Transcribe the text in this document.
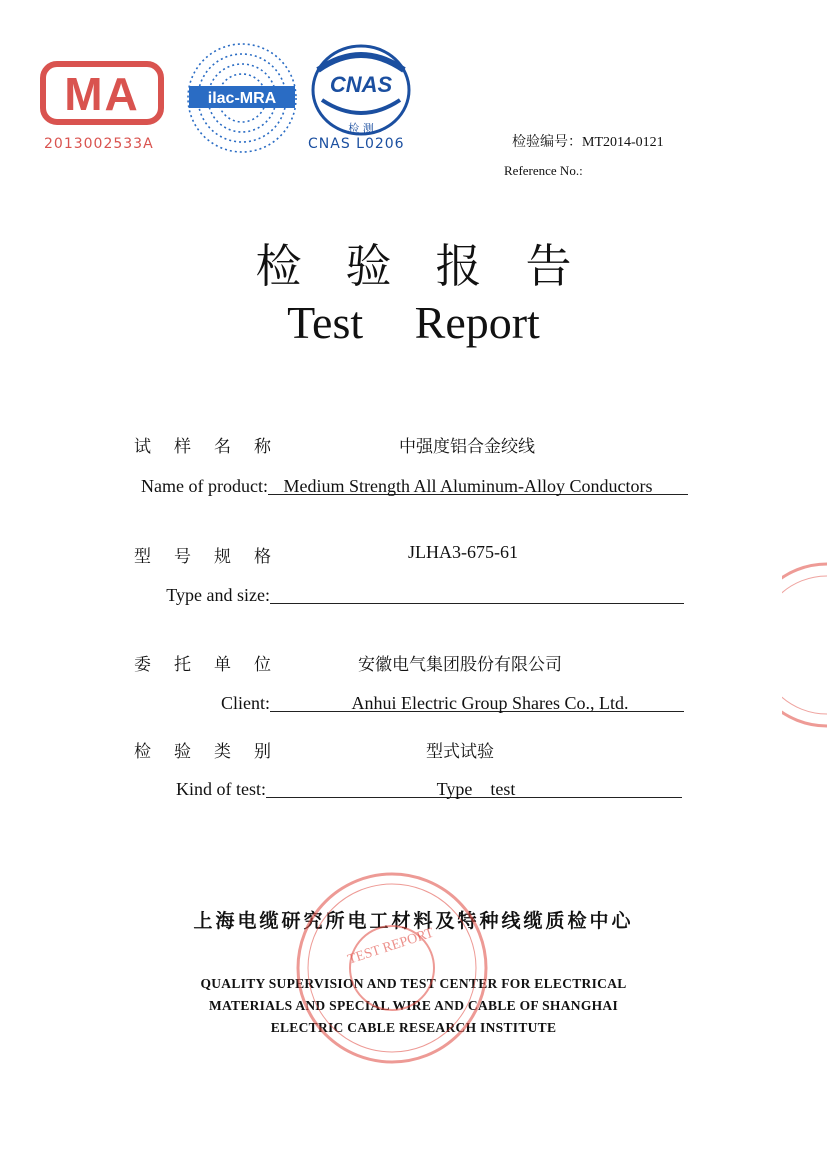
MA
2013002533A
ilac-MRA
CNAS
检 测
CNAS L0206	检验编号：MT2014-0121
Reference No.:
检 验 报 告
Test Report
试 样 名 称	中强度铝合金绞线
Name of product: Medium Strength All Aluminum-Alloy Conductors
型 号 规 格	JLHA3-675-61
Type and size:
委 托 单 位	安徽电气集团股份有限公司
Client:	Anhui Electric Group Shares Co., Ltd.
检 验 类 别	型式试验
Kind of test:	Type    test
上海电缆研究所电工材料及特种线缆质检中心
QUALITY SUPERVISION AND TEST CENTER FOR ELECTRICAL
MATERIALS AND SPECIAL WIRE AND CABLE OF SHANGHAI
ELECTRIC CABLE RESEARCH INSTITUTE
TEST REPORT
